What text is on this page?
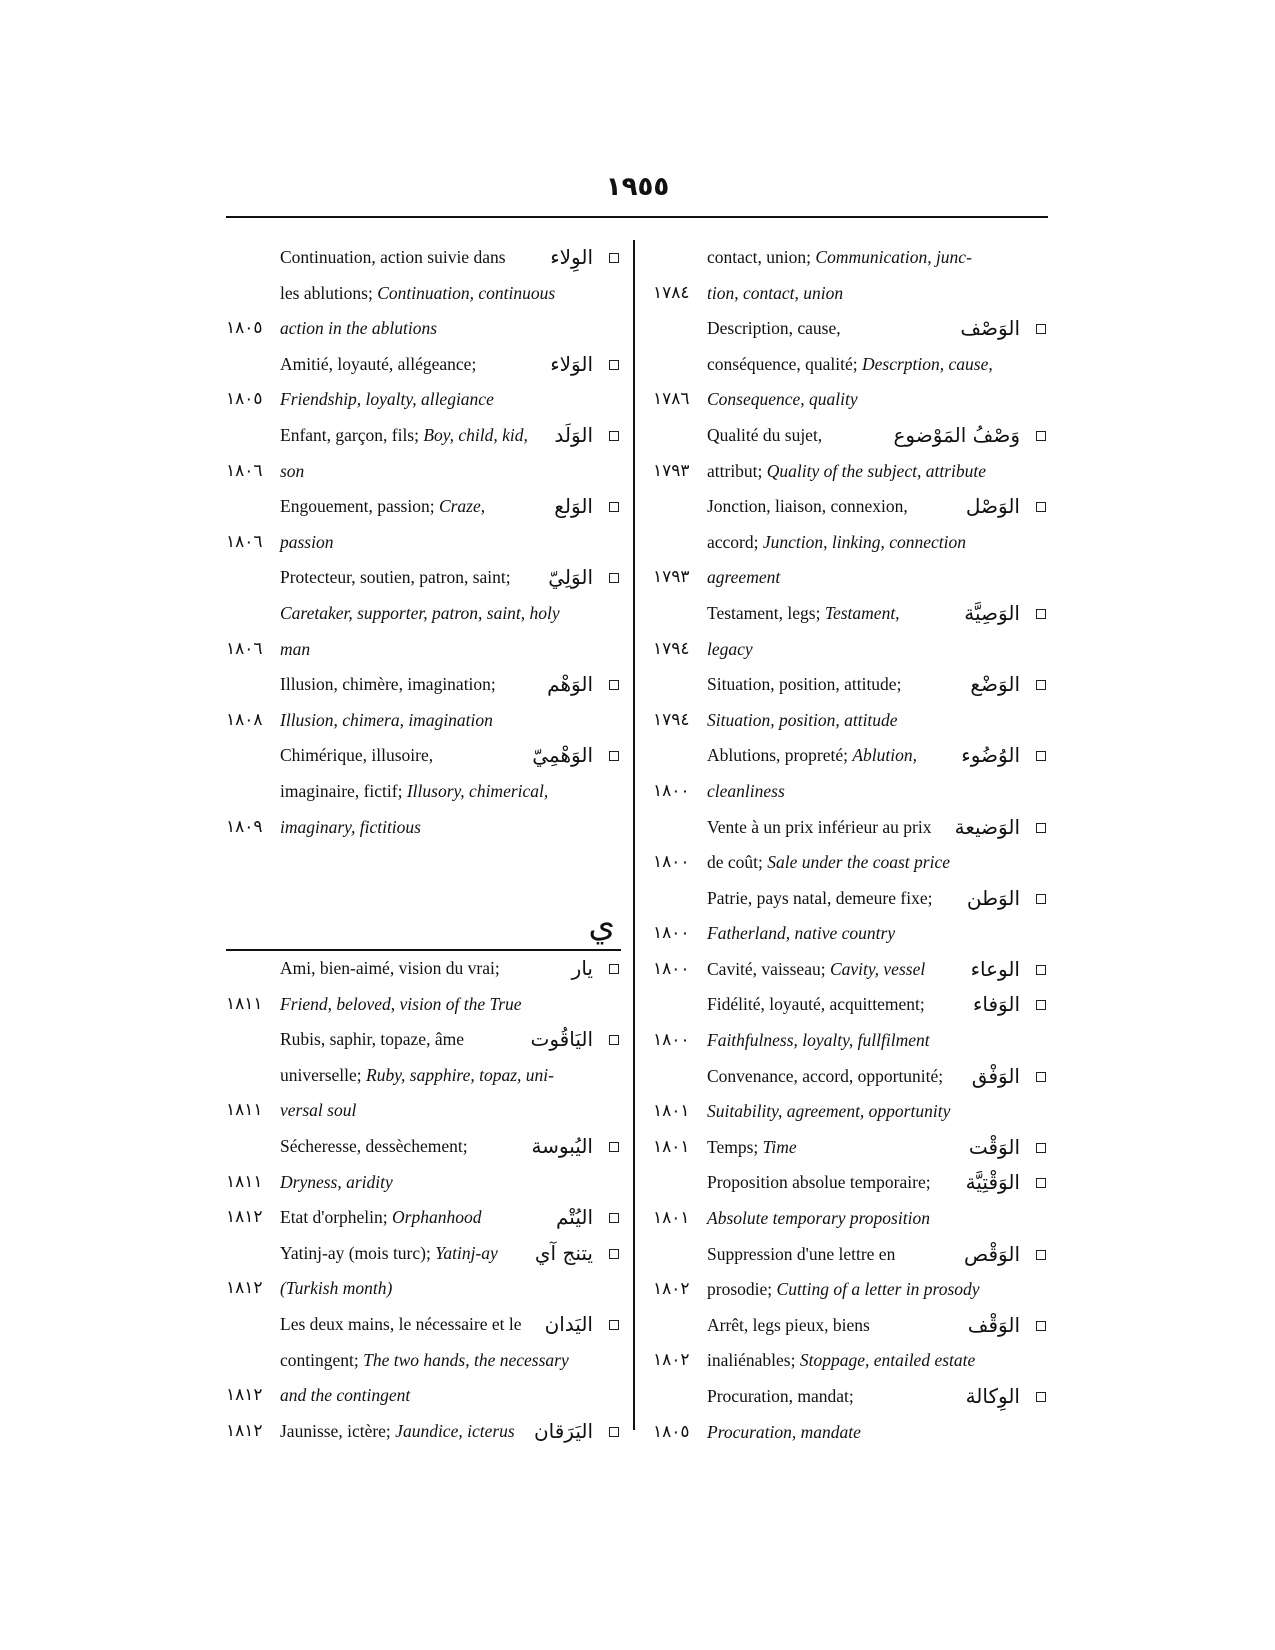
١٩٥٥
Continuation, action suivie dans الوِلاء
les ablutions; Continuation, continuous
١٨٠٥ action in the ablutions
Amitié, loyauté, allégeance;	الوَلاء
١٨٠٥ Friendship, loyalty, allegiance
Enfant, garçon, fils; Boy, child, kid, الوَلَد
١٨٠٦ son
Engouement, passion; Craze,	الوَلع
١٨٠٦ passion
Protecteur, soutien, patron, saint; الوَلِيّ
Caretaker, supporter, patron, saint, holy
١٨٠٦ man
Illusion, chimère, imagination;	الوَهْم
١٨٠٨ Illusion, chimera, imagination
Chimérique, illusoire,	الوَهْمِيّ
imaginaire, fictif; Illusory, chimerical,
١٨٠٩ imaginary, fictitious
ي
Ami, bien-aimé, vision du vrai;	يار
١٨١١ Friend, beloved, vision of the True
Rubis, saphir, topaze, âme	اليَاقُوت
universelle; Ruby, sapphire, topaz, uni-
١٨١١ versal soul
Sécheresse, dessèchement;	اليُبوسة
١٨١١ Dryness, aridity
١٨١٢ Etat d'orphelin; Orphanhood	اليُتْم
Yatinj-ay (mois turc); Yatinj-ay يتنج آي
١٨١٢ (Turkish month)
Les deux mains, le nécessaire et le اليَدان
contingent; The two hands, the necessary
١٨١٢ and the contingent
١٨١٢ Jaunisse, ictère; Jaundice, icterus اليَرَقان
contact, union; Communication, junc-
١٧٨٤ tion, contact, union
Description, cause,	الوَصْف
conséquence, qualité; Descrption, cause,
١٧٨٦ Consequence, quality
Qualité du sujet,	وَصْفُ المَوْضوع
١٧٩٣ attribut; Quality of the subject, attribute
Jonction, liaison, connexion,	الوَصْل
accord; Junction, linking, connection
١٧٩٣ agreement
Testament, legs; Testament,	الوَصِيَّة
١٧٩٤ legacy
Situation, position, attitude;	الوَضْع
١٧٩٤ Situation, position, attitude
Ablutions, propreté; Ablution, الوُضُوء
١٨٠٠ cleanliness
Vente à un prix inférieur au prix الوَضيعة
١٨٠٠ de coût; Sale under the coast price
Patrie, pays natal, demeure fixe; الوَطن
١٨٠٠ Fatherland, native country
١٨٠٠ Cavité, vaisseau; Cavity, vessel الوعاء
Fidélité, loyauté, acquittement; الوَفاء
١٨٠٠ Faithfulness, loyalty, fullfilment
Convenance, accord, opportunité; الوَفْق
١٨٠١ Suitability, agreement, opportunity
١٨٠١ Temps; Time	الوَقْت
Proposition absolue temporaire; الوَقْتِيَّة
١٨٠١ Absolute temporary proposition
Suppression d'une lettre en	الوَقْص
١٨٠٢ prosodie; Cutting of a letter in prosody
Arrêt, legs pieux, biens	الوَقْف
١٨٠٢ inaliénables; Stoppage, entailed estate
Procuration, mandat;	الوِكالة
١٨٠٥ Procuration, mandate
